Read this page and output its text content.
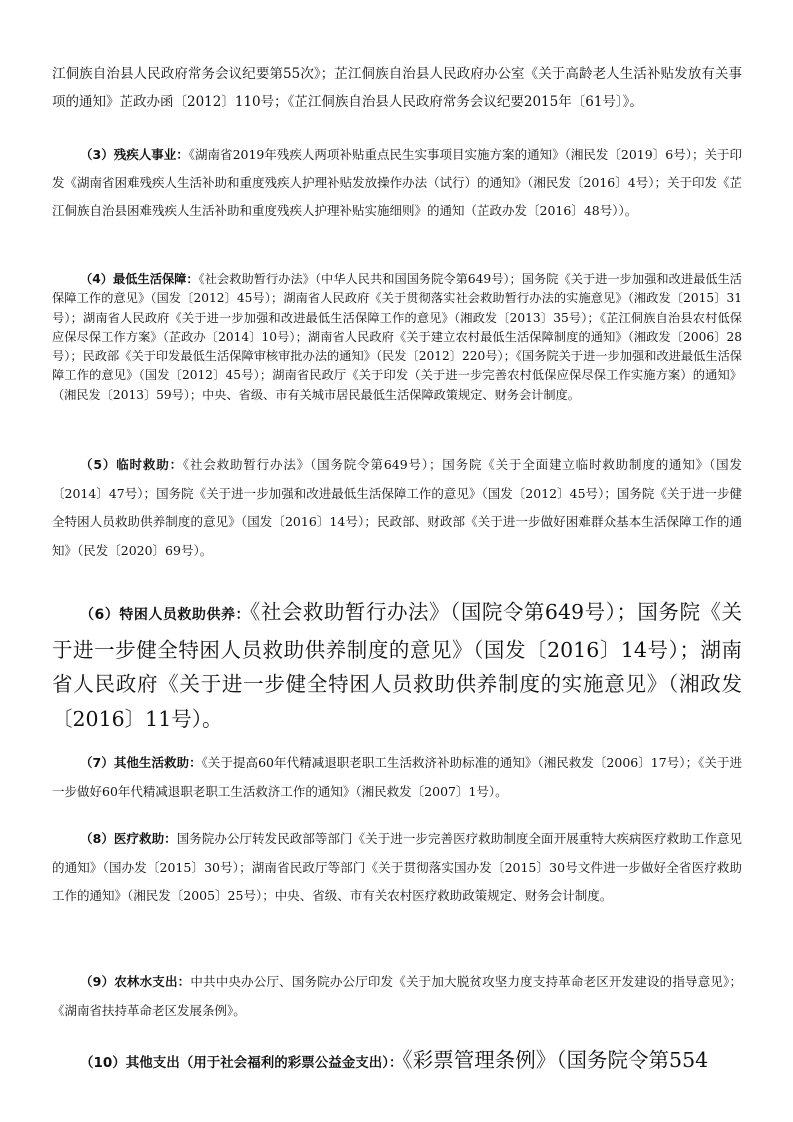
江侗族自治县人民政府常务会议纪要第55次》；芷江侗族自治县人民政府办公室《关于高龄老人生活补贴发放有关事项的通知》芷政办函〔2012〕110号；《芷江侗族自治县人民政府常务会议纪要2015年〔61号〕》。

（3）残疾人事业：《湖南省2019年残疾人两项补贴重点民生实事项目实施方案的通知》（湘民发〔2019〕6号）；关于印发《湖南省困难残疾人生活补助和重度残疾人护理补贴发放操作办法（试行）的通知》（湘民发〔2016〕4号）；关于印发《芷江侗族自治县困难残疾人生活补助和重度残疾人护理补贴实施细则》的通知（芷政办发〔2016〕48号））。

（4）最低生活保障：《社会救助暂行办法》（中华人民共和国国务院令第649号）；国务院《关于进一步加强和改进最低生活保障工作的意见》（国发〔2012〕45号）；湖南省人民政府《关于贯彻落实社会救助暂行办法的实施意见》（湘政发〔2015〕31号）；湖南省人民政府《关于进一步加强和改进最低生活保障工作的意见》（湘政发〔2013〕35号）；《芷江侗族自治县农村低保应保尽保工作方案》（芷政办〔2014〕10号）；湖南省人民政府《关于建立农村最低生活保障制度的通知》（湘政发〔2006〕28号）；民政部《关于印发最低生活保障审核审批办法的通知》（民发〔2012〕220号）；《国务院关于进一步加强和改进最低生活保障工作的意见》（国发〔2012〕45号）；湖南省民政厅《关于印发（关于进一步完善农村低保应保尽保工作实施方案）的通知》（湘民发〔2013〕59号）；中央、省级、市有关城市居民最低生活保障政策规定、财务会计制度。

（5）临时救助：《社会救助暂行办法》（国务院令第649号）；国务院《关于全面建立临时救助制度的通知》（国发〔2014〕47号）；国务院《关于进一步加强和改进最低生活保障工作的意见》（国发〔2012〕45号）；国务院《关于进一步健全特困人员救助供养制度的意见》（国发〔2016〕14号）；民政部、财政部《关于进一步做好困难群众基本生活保障工作的通知》（民发〔2020〕69号）。

（6）特困人员救助供养：《社会救助暂行办法》（国院令第649号）；国务院《关于进一步健全特困人员救助供养制度的意见》（国发〔2016〕14号）；湖南省人民政府《关于进一步健全特困人员救助供养制度的实施意见》（湘政发〔2016〕11号）。

（7）其他生活救助：《关于提高60年代精减退职老职工生活救济补助标准的通知》（湘民救发〔2006〕17号）；《关于进一步做好60年代精减退职老职工生活救济工作的通知》（湘民救发〔2007〕1号）。

（8）医疗救助：国务院办公厅转发民政部等部门《关于进一步完善医疗救助制度全面开展重特大疾病医疗救助工作意见的通知》（国办发〔2015〕30号）；湖南省民政厅等部门《关于贯彻落实国办发〔2015〕30号文件进一步做好全省医疗救助工作的通知》（湘民发〔2005〕25号）；中央、省级、市有关农村医疗救助政策规定、财务会计制度。

（9）农林水支出：中共中央办公厅、国务院办公厅印发《关于加大脱贫攻坚力度支持革命老区开发建设的指导意见》；《湖南省扶持革命老区发展条例》。

（10）其他支出（用于社会福利的彩票公益金支出）：《彩票管理条例》（国务院令第554
